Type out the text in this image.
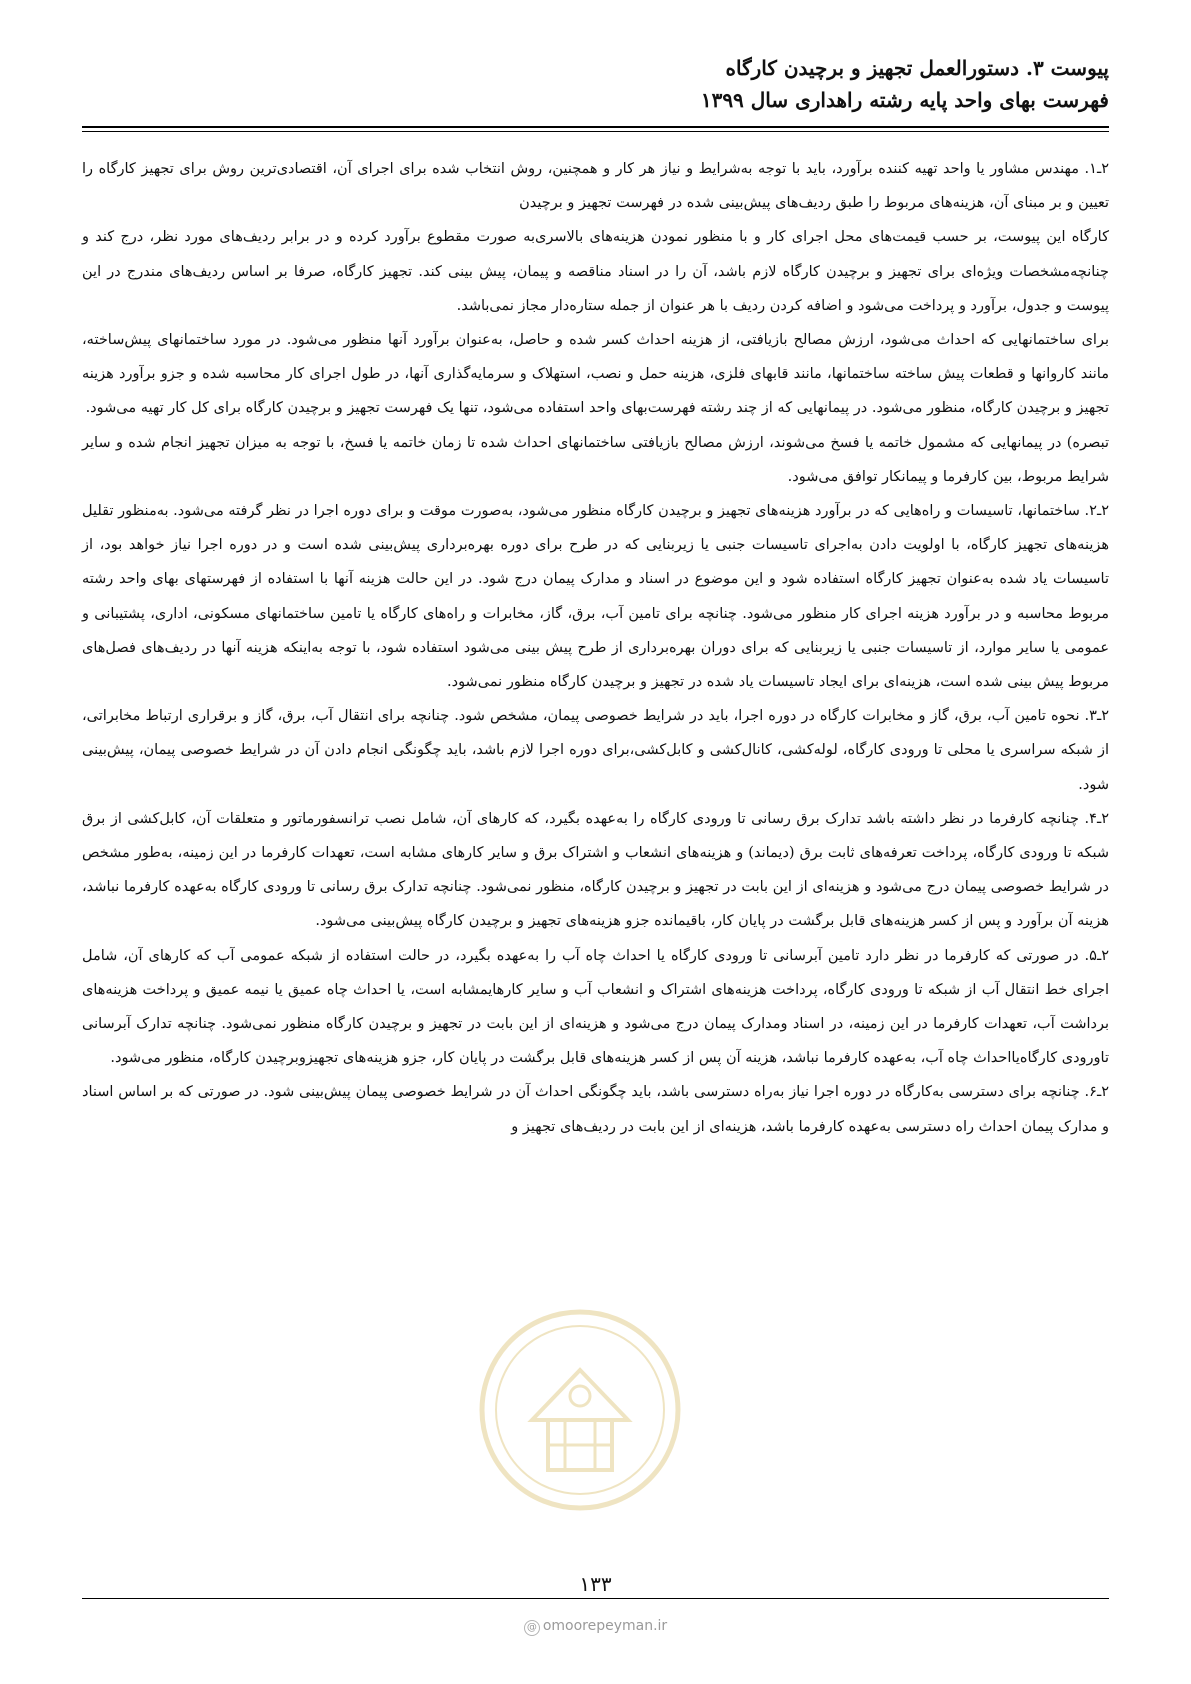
پیوست ۳. دستورالعمل تجهیز و برچیدن کارگاه
فهرست بهای واحد پایه رشته راهداری سال ۱۳۹۹

۲ـ۱. مهندس مشاور یا واحد تهیه کننده برآورد، باید با توجه به‌شرایط و نیاز هر کار و همچنین، روش انتخاب شده برای اجرای آن، اقتصادی‌ترین روش برای تجهیز کارگاه را تعیین و بر مبنای آن، هزینه‌های مربوط را طبق ردیف‌های پیش‌بینی شده در فهرست تجهیز و برچیدن

کارگاه این پیوست، بر حسب قیمت‌های محل اجرای کار و با منظور نمودن هزینه‌های بالاسری‌به صورت مقطوع برآورد کرده و در برابر ردیف‌های مورد نظر، درج کند و چنانچه‌مشخصات ویژه‌ای برای تجهیز و برچیدن کارگاه لازم باشد، آن را در اسناد مناقصه و پیمان، پیش بینی کند. تجهیز کارگاه، صرفا بر اساس ردیف‌های مندرج در این پیوست و جدول، برآورد و پرداخت می‌شود و اضافه کردن ردیف با هر عنوان از جمله ستاره‌دار مجاز نمی‌باشد.

برای ساختمانهایی که احداث می‌شود، ارزش مصالح بازیافتی، از هزینه احداث کسر شده و حاصل، به‌عنوان برآورد آنها منظور می‌شود. در مورد ساختمانهای پیش‌ساخته، مانند کاروانها و قطعات پیش ساخته ساختمانها، مانند قابهای فلزی، هزینه حمل و نصب، استهلاک و سرمایه‌گذاری آنها، در طول اجرای کار محاسبه شده و جزو برآورد هزینه تجهیز و برچیدن کارگاه، منظور می‌شود. در پیمانهایی که از چند رشته فهرست‌بهای واحد استفاده می‌شود، تنها یک فهرست تجهیز و برچیدن کارگاه برای کل کار تهیه می‌شود.

تبصره) در پیمانهایی که مشمول خاتمه یا فسخ می‌شوند، ارزش مصالح بازیافتی ساختمانهای احداث شده تا زمان خاتمه یا فسخ، با توجه به میزان تجهیز انجام شده و سایر شرایط مربوط، بین کارفرما و پیمانکار توافق می‌شود.

۲ـ۲. ساختمانها، تاسیسات و راه‌هایی که در برآورد هزینه‌های تجهیز و برچیدن کارگاه منظور می‌شود، به‌صورت موقت و برای دوره اجرا در نظر گرفته می‌شود. به‌منظور تقلیل هزینه‌های تجهیز کارگاه، با اولویت دادن به‌اجرای تاسیسات جنبی یا زیربنایی که در طرح برای دوره بهره‌برداری پیش‌بینی شده است و در دوره اجرا نیاز خواهد بود، از تاسیسات یاد شده به‌عنوان تجهیز کارگاه استفاده شود و این موضوع در اسناد و مدارک پیمان درج شود. در این حالت هزینه آنها با استفاده از فهرستهای بهای واحد رشته مربوط محاسبه و در برآورد هزینه اجرای کار منظور می‌شود. چنانچه برای تامین آب، برق، گاز، مخابرات و راه‌های کارگاه یا تامین ساختمانهای مسکونی، اداری، پشتیبانی و عمومی یا سایر موارد، از تاسیسات جنبی یا زیربنایی که برای دوران بهره‌برداری از طرح پیش بینی می‌شود استفاده شود، با توجه به‌اینکه هزینه آنها در ردیف‌های فصل‌های مربوط پیش بینی شده است، هزینه‌ای برای ایجاد تاسیسات یاد شده در تجهیز و برچیدن کارگاه منظور نمی‌شود.

۲ـ۳. نحوه تامین آب، برق، گاز و مخابرات کارگاه در دوره اجرا، باید در شرایط خصوصی پیمان، مشخص شود. چنانچه برای انتقال آب، برق، گاز و برقراری ارتباط مخابراتی، از شبکه سراسری یا محلی تا ورودی کارگاه، لوله‌کشی، کانال‌کشی و کابل‌کشی،برای دوره اجرا لازم باشد، باید چگونگی انجام دادن آن در شرایط خصوصی پیمان، پیش‌بینی شود.

۲ـ۴. چنانچه کارفرما در نظر داشته باشد تدارک برق رسانی تا ورودی کارگاه را به‌عهده بگیرد، که کارهای آن، شامل نصب ترانسفورماتور و متعلقات آن، کابل‌کشی از برق شبکه تا ورودی کارگاه، پرداخت تعرفه‌های ثابت برق (دیماند) و هزینه‌های انشعاب و اشتراک برق و سایر کارهای مشابه است، تعهدات کارفرما در این زمینه، به‌طور مشخص در شرایط خصوصی پیمان درج می‌شود و هزینه‌ای از این بابت در تجهیز و برچیدن کارگاه، منظور نمی‌شود. چنانچه تدارک برق رسانی تا ورودی کارگاه به‌عهده کارفرما نباشد، هزینه آن برآورد و پس از کسر هزینه‌های قابل برگشت در پایان کار، باقیمانده جزو هزینه‌های تجهیز و برچیدن کارگاه پیش‌بینی می‌شود.

۲ـ۵. در صورتی که کارفرما در نظر دارد تامین آبرسانی تا ورودی کارگاه یا احداث چاه آب را به‌عهده بگیرد، در حالت استفاده از شبکه عمومی آب که کارهای آن، شامل اجرای خط انتقال آب از شبکه تا ورودی کارگاه، پرداخت هزینه‌های اشتراک و انشعاب آب و سایر کارهایمشابه است، یا احداث چاه عمیق یا نیمه عمیق و پرداخت هزینه‌های برداشت آب، تعهدات کارفرما در این زمینه، در اسناد ومدارک پیمان درج می‌شود و هزینه‌ای از این بابت در تجهیز و برچیدن کارگاه منظور نمی‌شود. چنانچه تدارک آبرسانی تاورودی کارگاه‌یااحداث چاه آب، به‌عهده کارفرما نباشد، هزینه آن پس از کسر هزینه‌های قابل برگشت در پایان کار، جزو هزینه‌های تجهیزوبرچیدن کارگاه، منظور می‌شود.

۲ـ۶. چنانچه برای دسترسی به‌کارگاه در دوره اجرا نیاز به‌راه دسترسی باشد، باید چگونگی احداث آن در شرایط خصوصی پیمان پیش‌بینی شود. در صورتی که بر اساس اسناد و مدارک پیمان احداث راه دسترسی به‌عهده کارفرما باشد، هزینه‌ای از این بابت در ردیف‌های تجهیز و

۱۳۳
@ omoorepeyman.ir
